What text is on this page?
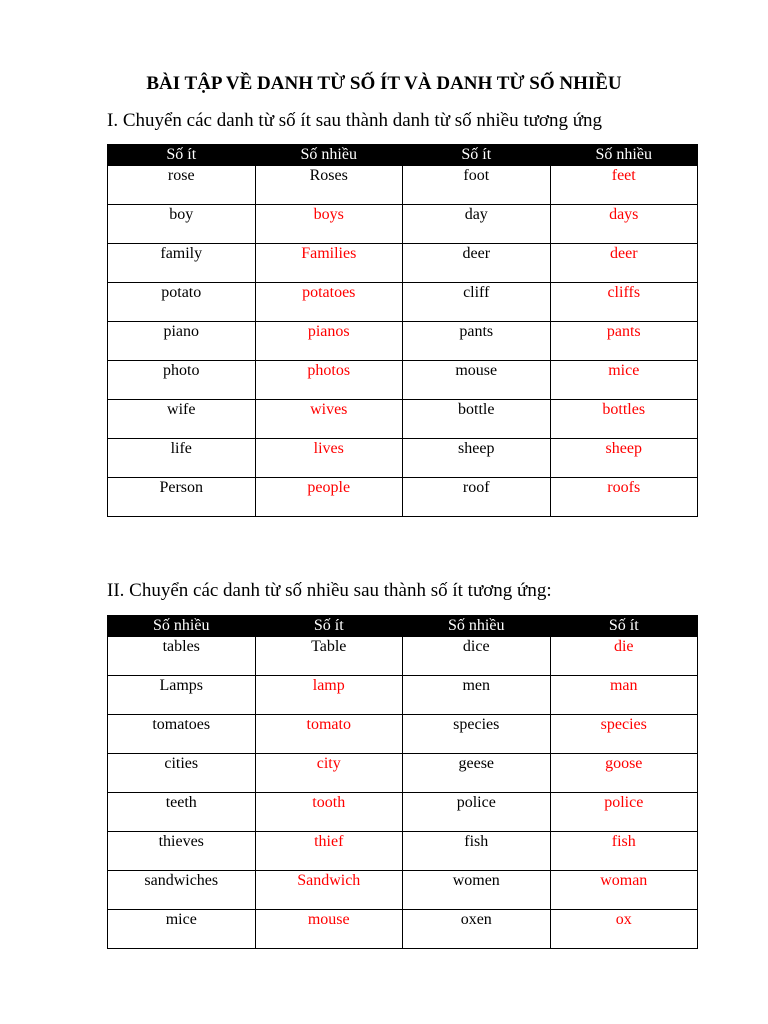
BÀI TẬP VỀ DANH TỪ SỐ ÍT VÀ DANH TỪ SỐ NHIỀU
I. Chuyển các danh từ số ít sau thành danh từ số nhiều tương ứng
Số ít	Số nhiều	Số ít	Số nhiều
rose	Roses	foot	feet
boy	boys	day	days
family	Families	deer	deer
potato	potatoes	cliff	cliffs
piano	pianos	pants	pants
photo	photos	mouse	mice
wife	wives	bottle	bottles
life	lives	sheep	sheep
Person	people	roof	roofs
II. Chuyển các danh từ số nhiều sau thành số ít tương ứng:
Số nhiều	Số ít	Số nhiều	Số ít
tables	Table	dice	die
Lamps	lamp	men	man
tomatoes	tomato	species	species
cities	city	geese	goose
teeth	tooth	police	police
thieves	thief	fish	fish
sandwiches	Sandwich	women	woman
mice	mouse	oxen	ox
